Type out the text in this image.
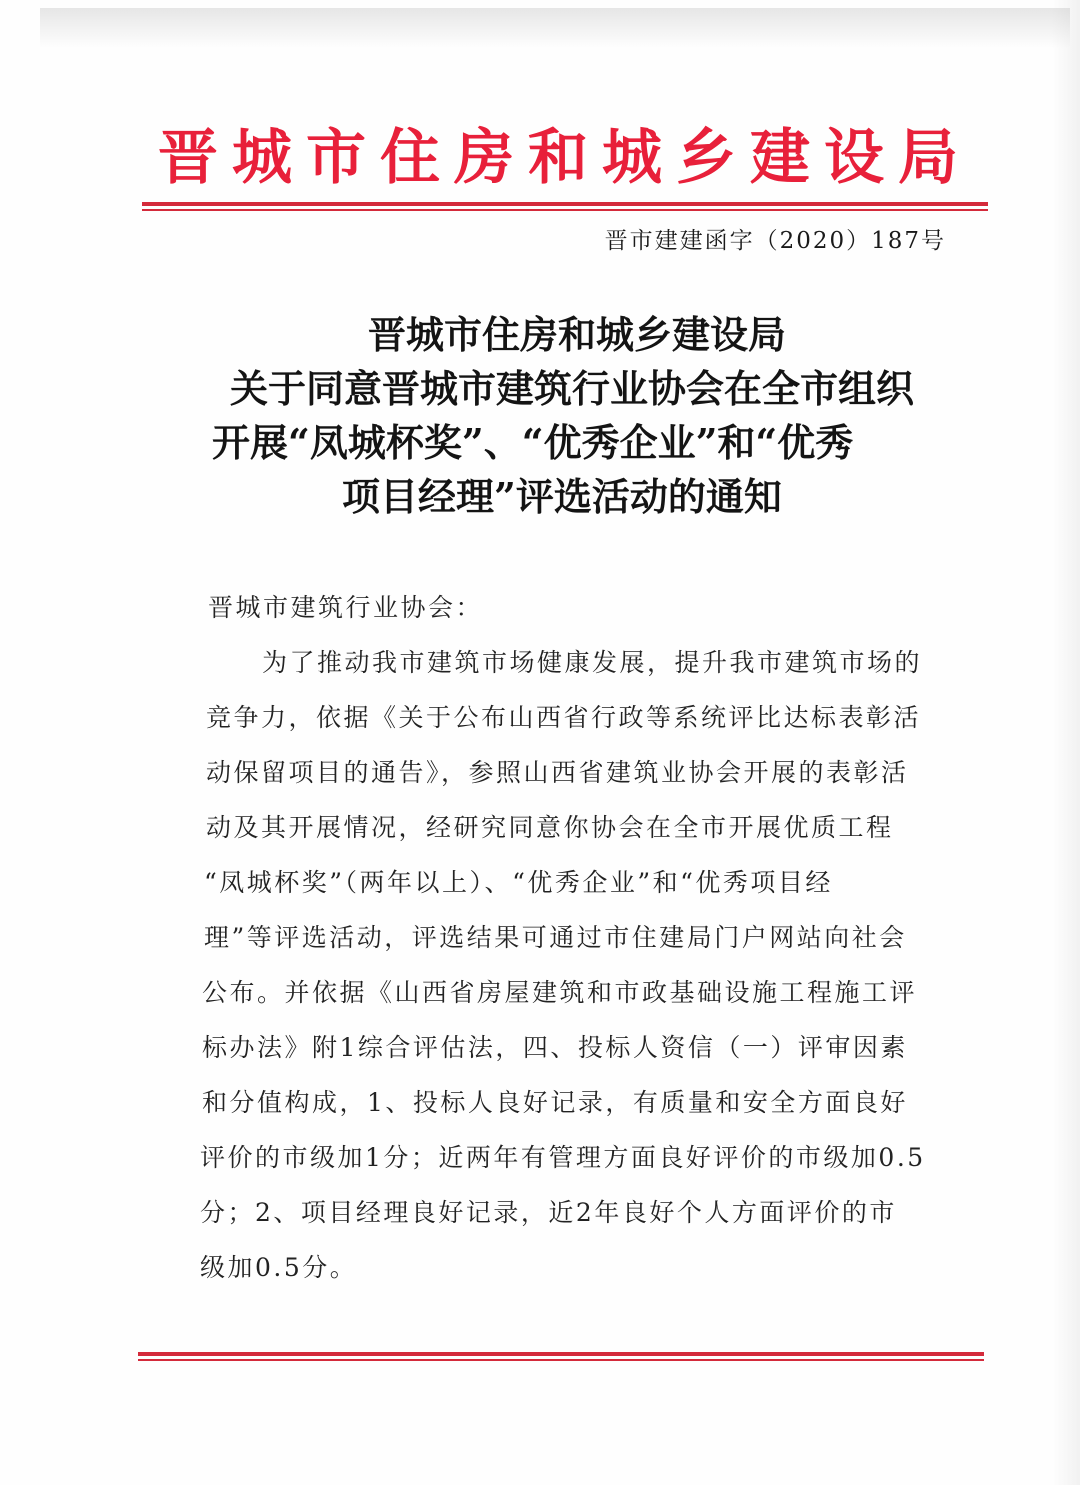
晋城市住房和城乡建设局
晋市建建函字（2020）187号
晋城市住房和城乡建设局
关于同意晋城市建筑行业协会在全市组织
开展“凤城杯奖”、“优秀企业”和“优秀
项目经理”评选活动的通知
晋城市建筑行业协会：
为了推动我市建筑市场健康发展，提升我市建筑市场的
竞争力，依据《关于公布山西省行政等系统评比达标表彰活
动保留项目的通告》，参照山西省建筑业协会开展的表彰活
动及其开展情况，经研究同意你协会在全市开展优质工程
“凤城杯奖”（两年以上）、“优秀企业”和“优秀项目经
理”等评选活动，评选结果可通过市住建局门户网站向社会
公布。并依据《山西省房屋建筑和市政基础设施工程施工评
标办法》附1综合评估法，四、投标人资信（一）评审因素
和分值构成，1、投标人良好记录，有质量和安全方面良好
评价的市级加1分；近两年有管理方面良好评价的市级加0.5
分；2、项目经理良好记录，近2年良好个人方面评价的市
级加0.5分。
